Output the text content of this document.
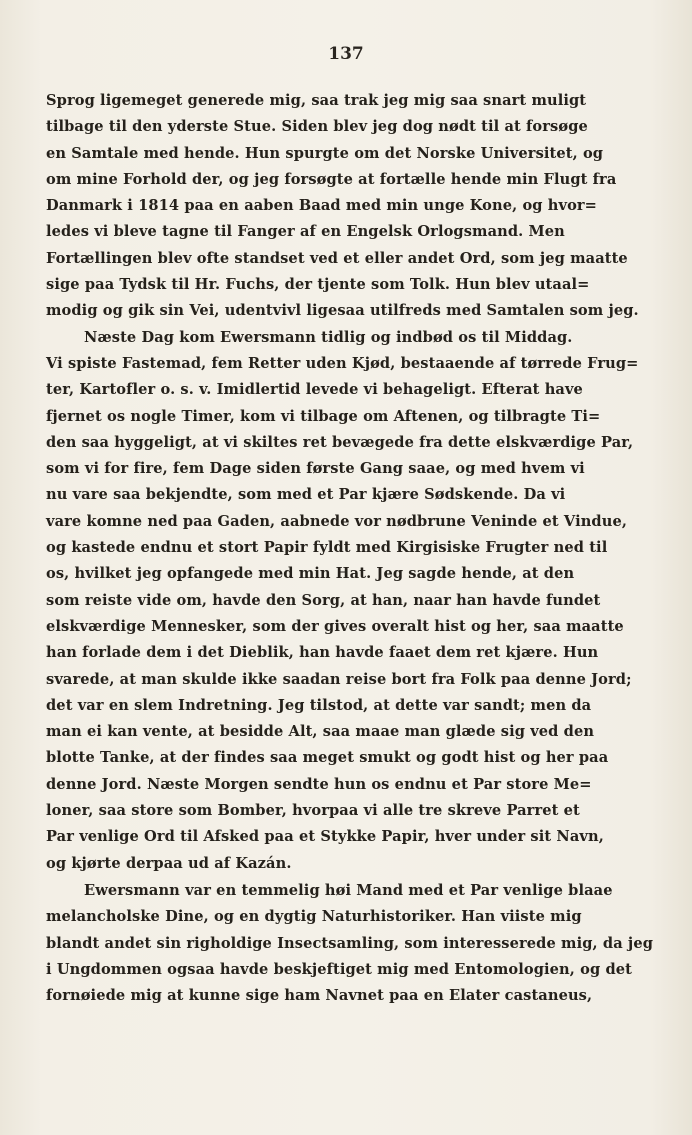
137
Sprog ligemeget generede mig, saa trak jeg mig saa snart muligt
tilbage til den yderste Stue. Siden blev jeg dog nødt til at forsøge
en Samtale med hende. Hun spurgte om det Norske Universitet, og
om mine Forhold der, og jeg forsøgte at fortælle hende min Flugt fra
Danmark i 1814 paa en aaben Baad med min unge Kone, og hvor=
ledes vi bleve tagne til Fanger af en Engelsk Orlogsmand. Men
Fortællingen blev ofte standset ved et eller andet Ord, som jeg maatte
sige paa Tydsk til Hr. Fuchs, der tjente som Tolk. Hun blev utaal=
modig og gik sin Vei, udentvivl ligesaa utilfreds med Samtalen som jeg.
Næste Dag kom Ewersmann tidlig og indbød os til Middag.
Vi spiste Fastemad, fem Retter uden Kjød, bestaaende af tørrede Frug=
ter, Kartofler o. s. v. Imidlertid levede vi behageligt. Efterat have
fjernet os nogle Timer, kom vi tilbage om Aftenen, og tilbragte Ti=
den saa hyggeligt, at vi skiltes ret bevægede fra dette elskværdige Par,
som vi for fire, fem Dage siden første Gang saae, og med hvem vi
nu vare saa bekjendte, som med et Par kjære Sødskende. Da vi
vare komne ned paa Gaden, aabnede vor nødbrune Veninde et Vindue,
og kastede endnu et stort Papir fyldt med Kirgisiske Frugter ned til
os, hvilket jeg opfangede med min Hat. Jeg sagde hende, at den
som reiste vide om, havde den Sorg, at han, naar han havde fundet
elskværdige Mennesker, som der gives overalt hist og her, saa maatte
han forlade dem i det Dieblik, han havde faaet dem ret kjære. Hun
svarede, at man skulde ikke saadan reise bort fra Folk paa denne Jord;
det var en slem Indretning. Jeg tilstod, at dette var sandt; men da
man ei kan vente, at besidde Alt, saa maae man glæde sig ved den
blotte Tanke, at der findes saa meget smukt og godt hist og her paa
denne Jord. Næste Morgen sendte hun os endnu et Par store Me=
loner, saa store som Bomber, hvorpaa vi alle tre skreve Parret et
Par venlige Ord til Afsked paa et Stykke Papir, hver under sit Navn,
og kjørte derpaa ud af Kazán.
Ewersmann var en temmelig høi Mand med et Par venlige blaae
melancholske Dine, og en dygtig Naturhistoriker. Han viiste mig
blandt andet sin righoldige Insectsamling, som interesserede mig, da jeg
i Ungdommen ogsaa havde beskjeftiget mig med Entomologien, og det
fornøiede mig at kunne sige ham Navnet paa en Elater castaneus,
